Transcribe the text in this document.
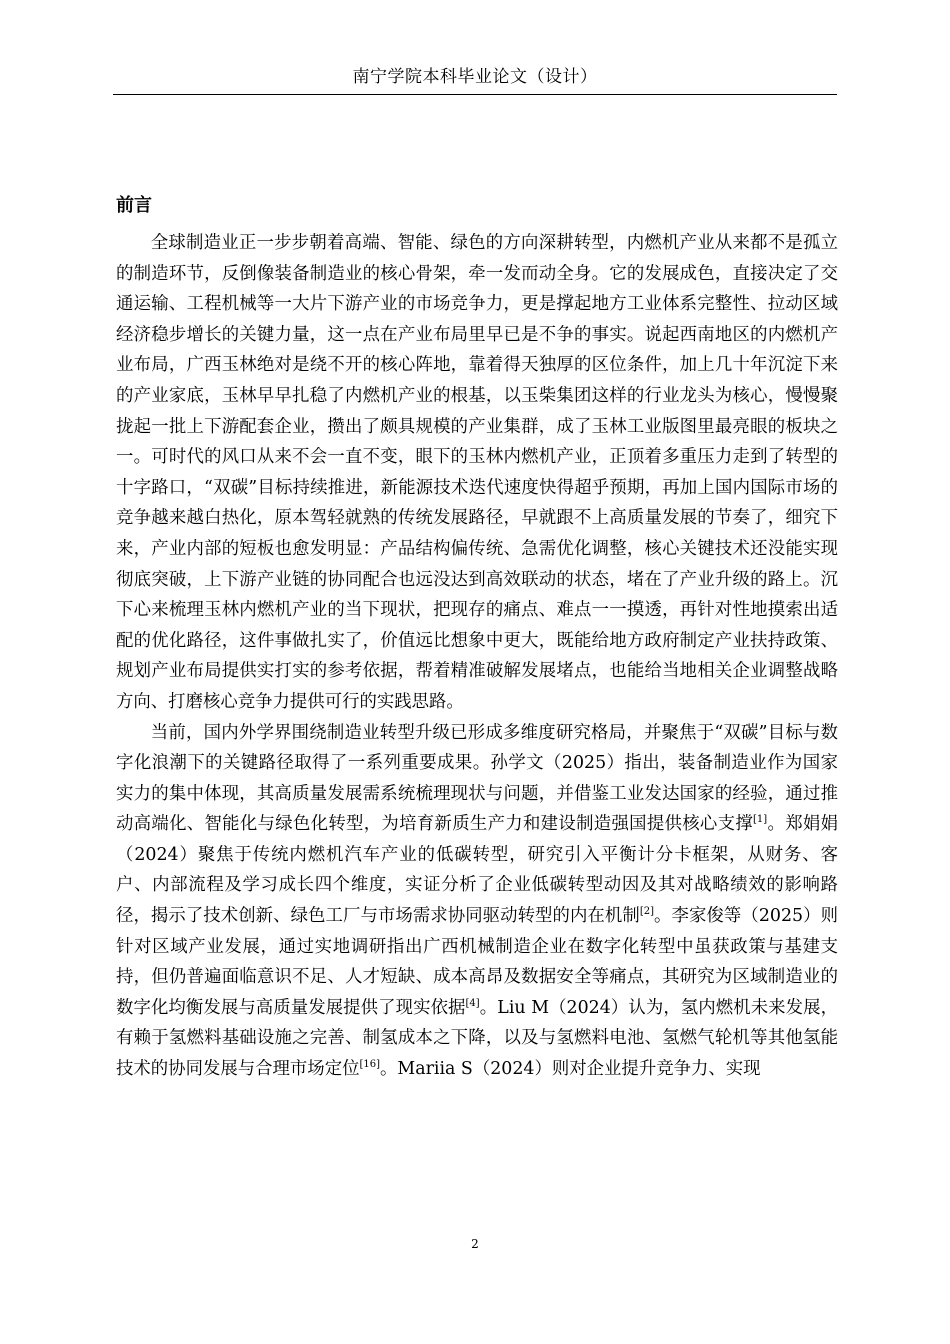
南宁学院本科毕业论文（设计）
前言

全球制造业正一步步朝着高端、智能、绿色的方向深耕转型，内燃机产业从来都不是孤立的制造环节，反倒像装备制造业的核心骨架，牵一发而动全身。它的发展成色，直接决定了交通运输、工程机械等一大片下游产业的市场竞争力，更是撑起地方工业体系完整性、拉动区域经济稳步增长的关键力量，这一点在产业布局里早已是不争的事实。说起西南地区的内燃机产业布局，广西玉林绝对是绕不开的核心阵地，靠着得天独厚的区位条件，加上几十年沉淀下来的产业家底，玉林早早扎稳了内燃机产业的根基，以玉柴集团这样的行业龙头为核心，慢慢聚拢起一批上下游配套企业，攒出了颇具规模的产业集群，成了玉林工业版图里最亮眼的板块之一。可时代的风口从来不会一直不变，眼下的玉林内燃机产业，正顶着多重压力走到了转型的十字路口，“双碳”目标持续推进，新能源技术迭代速度快得超乎预期，再加上国内国际市场的竞争越来越白热化，原本驾轻就熟的传统发展路径，早就跟不上高质量发展的节奏了，细究下来，产业内部的短板也愈发明显：产品结构偏传统、急需优化调整，核心关键技术还没能实现彻底突破，上下游产业链的协同配合也远没达到高效联动的状态，堵在了产业升级的路上。沉下心来梳理玉林内燃机产业的当下现状，把现存的痛点、难点一一摸透，再针对性地摸索出适配的优化路径，这件事做扎实了，价值远比想象中更大，既能给地方政府制定产业扶持政策、规划产业布局提供实打实的参考依据，帮着精准破解发展堵点，也能给当地相关企业调整战略方向、打磨核心竞争力提供可行的实践思路。

当前，国内外学界围绕制造业转型升级已形成多维度研究格局，并聚焦于“双碳”目标与数字化浪潮下的关键路径取得了一系列重要成果。孙学文（2025）指出，装备制造业作为国家实力的集中体现，其高质量发展需系统梳理现状与问题，并借鉴工业发达国家的经验，通过推动高端化、智能化与绿色化转型，为培育新质生产力和建设制造强国提供核心支撑[1]。郑娟娟（2024）聚焦于传统内燃机汽车产业的低碳转型，研究引入平衡计分卡框架，从财务、客户、内部流程及学习成长四个维度，实证分析了企业低碳转型动因及其对战略绩效的影响路径，揭示了技术创新、绿色工厂与市场需求协同驱动转型的内在机制[2]。李家俊等（2025）则针对区域产业发展，通过实地调研指出广西机械制造企业在数字化转型中虽获政策与基建支持，但仍普遍面临意识不足、人才短缺、成本高昂及数据安全等痛点，其研究为区域制造业的数字化均衡发展与高质量发展提供了现实依据[4]。Liu M（2024）认为，氢内燃机未来发展，有赖于氢燃料基础设施之完善、制氢成本之下降，以及与氢燃料电池、氢燃气轮机等其他氢能技术的协同发展与合理市场定位[16]。Mariia S（2024）则对企业提升竞争力、实现

2
